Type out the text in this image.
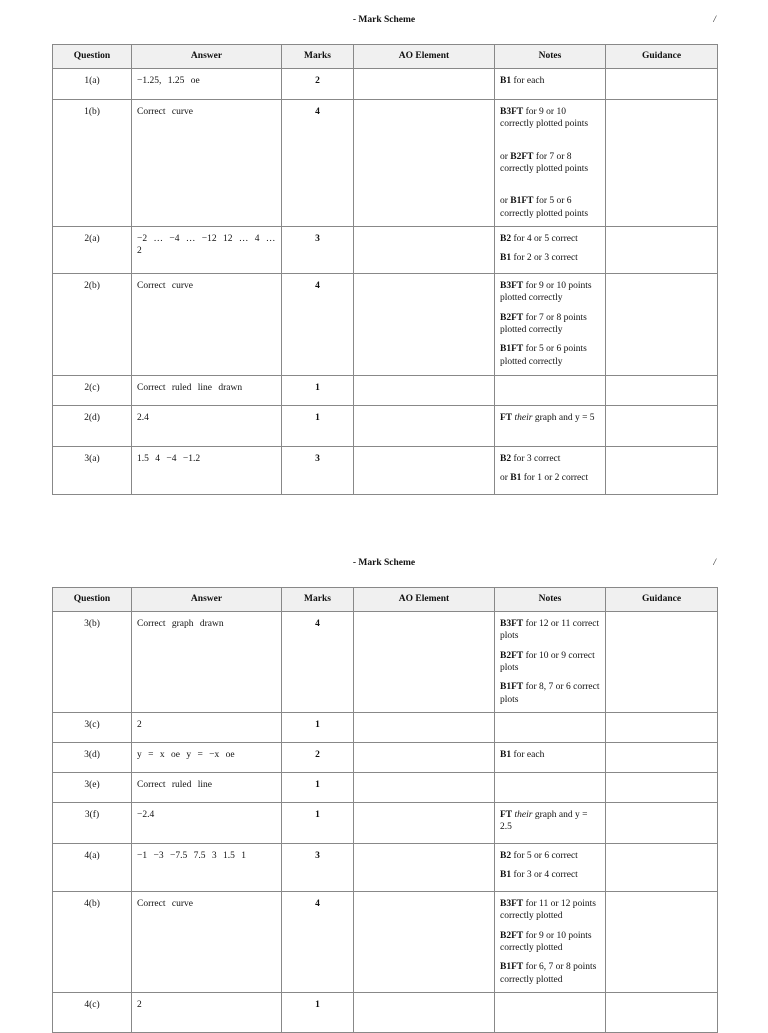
- Mark Scheme	/
Question	Answer	Marks	AO Element	Notes	Guidance
1(a)	−1.25, 1.25 oe	2		B1 for each	

1(b)	Correct curve	4		B3FT for 9 or 10 correctly plotted points
or B2FT for 7 or 8 correctly plotted points
or B1FT for 5 or 6 correctly plotted points	

2(a)	−2 … −4 … −12 12 … 4 … 2	3		B2 for 4 or 5 correct
B1 for 2 or 3 correct	

2(b)	Correct curve	4		B3FT for 9 or 10 points plotted correctly
B2FT for 7 or 8 points plotted correctly
B1FT for 5 or 6 points plotted correctly	

2(c)	Correct ruled line drawn	1			
2(d)	2.4	1		FT their graph and y = 5	

3(a)	1.5 4 −4 −1.2	3		B2 for 3 correct
or B1 for 1 or 2 correct	

- Mark Scheme	/
Question	Answer	Marks	AO Element	Notes	Guidance
3(b)	Correct graph drawn	4		B3FT for 12 or 11 correct plots
B2FT for 10 or 9 correct plots
B1FT for 8, 7 or 6 correct plots	

3(c)	2	1			
3(d)	y = x oe y = −x oe	2		B1 for each	

3(e)	Correct ruled line	1			
3(f)	−2.4	1		FT their graph and y = 2.5	

4(a)	−1 −3 −7.5 7.5 3 1.5 1	3		B2 for 5 or 6 correct
B1 for 3 or 4 correct	

4(b)	Correct curve	4		B3FT for 11 or 12 points correctly plotted
B2FT for 9 or 10 points correctly plotted
B1FT for 6, 7 or 8 points correctly plotted	

4(c)	2	1			
